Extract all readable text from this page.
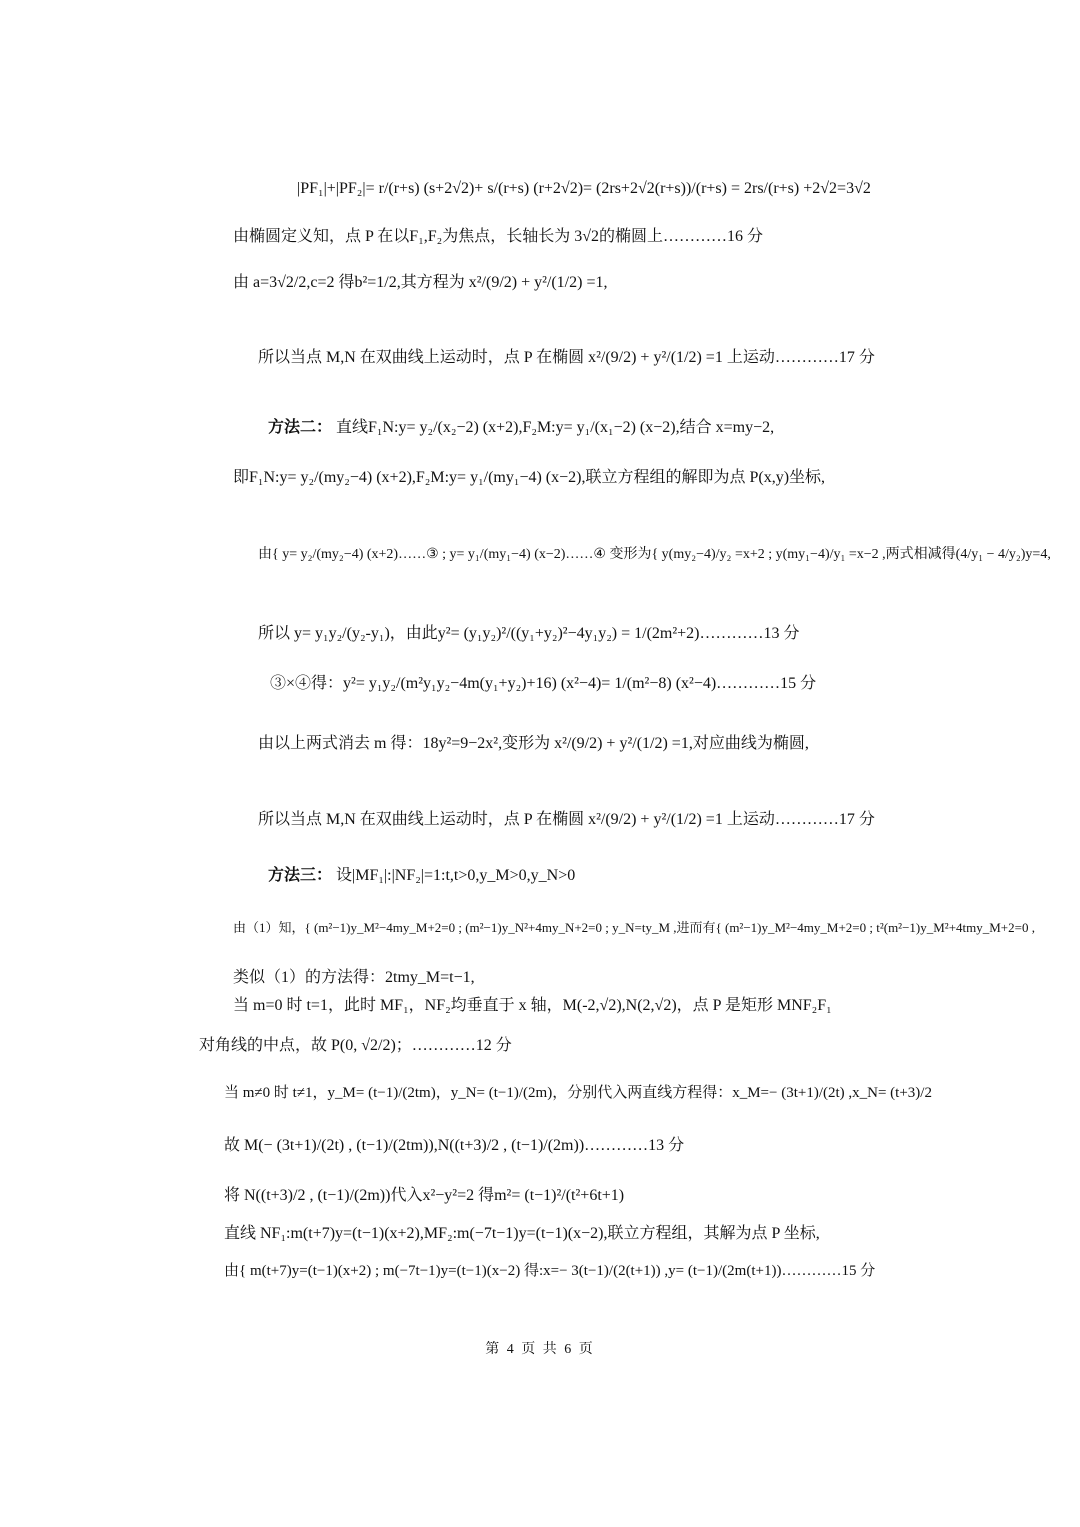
|PF₁|+|PF₂|= r/(r+s) (s+2√2)+ s/(r+s) (r+2√2)= (2rs+2√2(r+s))/(r+s) = 2rs/(r+s) +2√2=3√2
由椭圆定义知，点 P 在以F₁,F₂为焦点，长轴长为 3√2的椭圆上…………16 分
由 a=3√2/2,c=2 得b²=1/2,其方程为 x²/(9/2) + y²/(1/2) =1,
所以当点 M,N 在双曲线上运动时，点 P 在椭圆 x²/(9/2) + y²/(1/2) =1 上运动…………17 分
方法二： 直线F₁N:y= y₂/(x₂−2) (x+2),F₂M:y= y₁/(x₁−2) (x−2),结合 x=my−2,
即F₁N:y= y₂/(my₂−4) (x+2),F₂M:y= y₁/(my₁−4) (x−2),联立方程组的解即为点 P(x,y)坐标,
由{ y= y₂/(my₂−4) (x+2)……③ ; y= y₁/(my₁−4) (x−2)……④ 变形为{ y(my₂−4)/y₂ =x+2 ; y(my₁−4)/y₁ =x−2 ,两式相减得(4/y₁ − 4/y₂)y=4,
所以 y= y₁y₂/(y₂-y₁)，由此y²= (y₁y₂)²/((y₁+y₂)²−4y₁y₂) = 1/(2m²+2)…………13 分
③×④得：y²= y₁y₂/(m²y₁y₂−4m(y₁+y₂)+16) (x²−4)= 1/(m²−8) (x²−4)…………15 分
由以上两式消去 m 得：18y²=9−2x²,变形为 x²/(9/2) + y²/(1/2) =1,对应曲线为椭圆,
所以当点 M,N 在双曲线上运动时，点 P 在椭圆 x²/(9/2) + y²/(1/2) =1 上运动…………17 分
方法三： 设|MF₁|:|NF₂|=1:t,t>0,y_M>0,y_N>0
由（1）知，{ (m²−1)y_M²−4my_M+2=0 ; (m²−1)y_N²+4my_N+2=0 ; y_N=ty_M ,进而有{ (m²−1)y_M²−4my_M+2=0 ; t²(m²−1)y_M²+4tmy_M+2=0 ,
类似（1）的方法得：2tmy_M=t−1,
当 m=0 时 t=1，此时 MF₁，NF₂均垂直于 x 轴，M(-2,√2),N(2,√2)，点 P 是矩形 MNF₂F₁
对角线的中点，故 P(0, √2/2)；…………12 分
当 m≠0 时 t≠1，y_M= (t−1)/(2tm)，y_N= (t−1)/(2m)，分别代入两直线方程得：x_M=− (3t+1)/(2t) ,x_N= (t+3)/2
故 M(− (3t+1)/(2t) , (t−1)/(2tm)),N((t+3)/2 , (t−1)/(2m))…………13 分
将 N((t+3)/2 , (t−1)/(2m))代入x²−y²=2 得m²= (t−1)²/(t²+6t+1)
直线 NF₁:m(t+7)y=(t−1)(x+2),MF₂:m(−7t−1)y=(t−1)(x−2),联立方程组，其解为点 P 坐标,
由{ m(t+7)y=(t−1)(x+2) ; m(−7t−1)y=(t−1)(x−2) 得:x=− 3(t−1)/(2(t+1)) ,y= (t−1)/(2m(t+1))…………15 分
第 4 页 共 6 页
